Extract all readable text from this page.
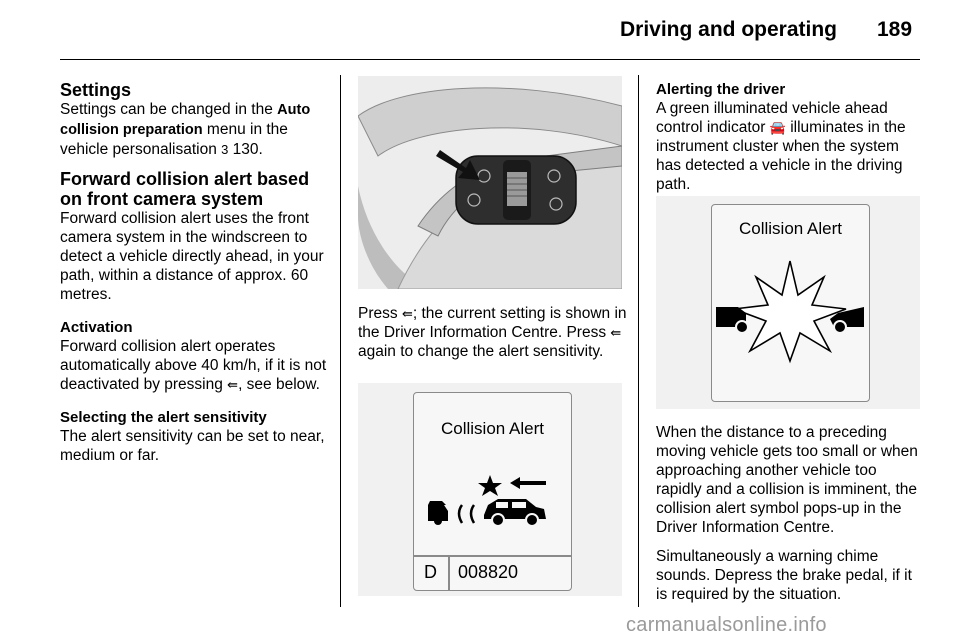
Driving and operating 189

Settings

Settings can be changed in the Auto collision preparation menu in the vehicle personalisation 3 130.

Forward collision alert based on front camera system

Forward collision alert uses the front camera system in the windscreen to detect a vehicle directly ahead, in your path, within a distance of approx. 60 metres.

Activation

Forward collision alert operates automatically above 40 km/h, if it is not deactivated by pressing ⇚, see below.

Selecting the alert sensitivity

The alert sensitivity can be set to near, medium or far.

Press ⇚; the current setting is shown in the Driver Information Centre. Press ⇚ again to change the alert sensitivity.

Collision Alert
D 008820

Alerting the driver

A green illuminated vehicle ahead control indicator 🚘 illuminates in the instrument cluster when the system has detected a vehicle in the driving path.

Collision Alert

When the distance to a preceding moving vehicle gets too small or when approaching another vehicle too rapidly and a collision is imminent, the collision alert symbol pops-up in the Driver Information Centre.

Simultaneously a warning chime sounds. Depress the brake pedal, if it is required by the situation.

carmanualsonline.info
